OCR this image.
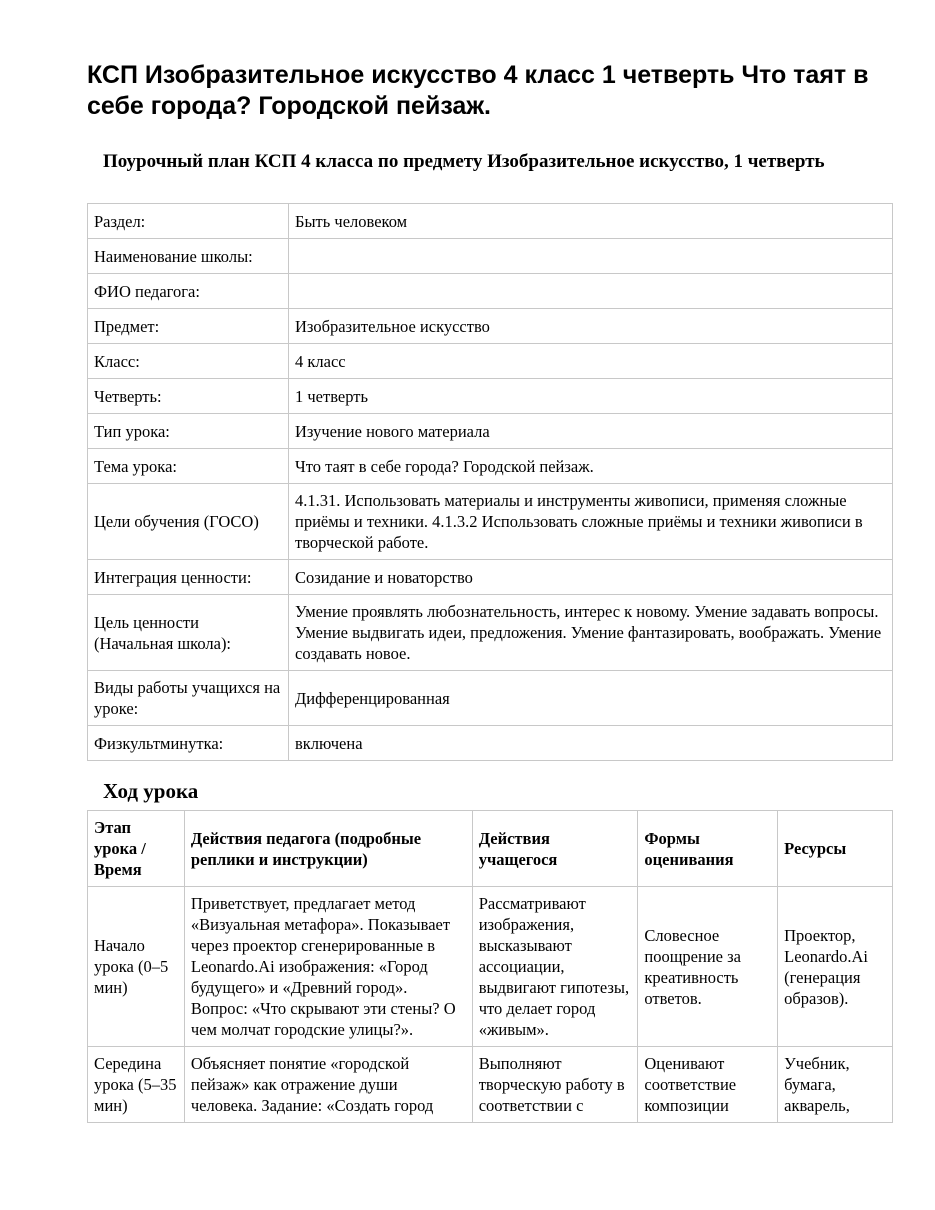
КСП Изобразительное искусство 4 класс 1 четверть Что таят в себе города? Городской пейзаж.

Поурочный план КСП 4 класса по предмету Изобразительное искусство, 1 четверть

Раздел:	Быть человеком
Наименование школы:	
ФИО педагога:	
Предмет:	Изобразительное искусство
Класс:	4 класс
Четверть:	1 четверть
Тип урока:	Изучение нового материала
Тема урока:	Что таят в себе города? Городской пейзаж.
Цели обучения (ГОСО)	4.1.31. Использовать материалы и инструменты живописи, применяя сложные приёмы и техники. 4.1.3.2 Использовать сложные приёмы и техники живописи в творческой работе.
Интеграция ценности:	Созидание и новаторство
Цель ценности (Начальная школа):	Умение проявлять любознательность, интерес к новому. Умение задавать вопросы. Умение выдвигать идеи, предложения. Умение фантазировать, воображать. Умение создавать новое.
Виды работы учащихся на уроке:	Дифференцированная
Физкультминутка:	включена

Ход урока

Этап урока / Время	Действия педагога (подробные реплики и инструкции)	Действия учащегося	Формы оценивания	Ресурсы
Начало урока (0–5 мин)	Приветствует, предлагает метод «Визуальная метафора». Показывает через проектор сгенерированные в Leonardo.Ai изображения: «Город будущего» и «Древний город». Вопрос: «Что скрывают эти стены? О чем молчат городские улицы?».	Рассматривают изображения, высказывают ассоциации, выдвигают гипотезы, что делает город «живым».	Словесное поощрение за креативность ответов.	Проектор, Leonardo.Ai (генерация образов).
Середина урока (5–35 мин)	Объясняет понятие «городской пейзаж» как отражение души человека. Задание: «Создать город	Выполняют творческую работу в соответствии с	Оценивают соответствие композиции	Учебник, бумага, акварель,
